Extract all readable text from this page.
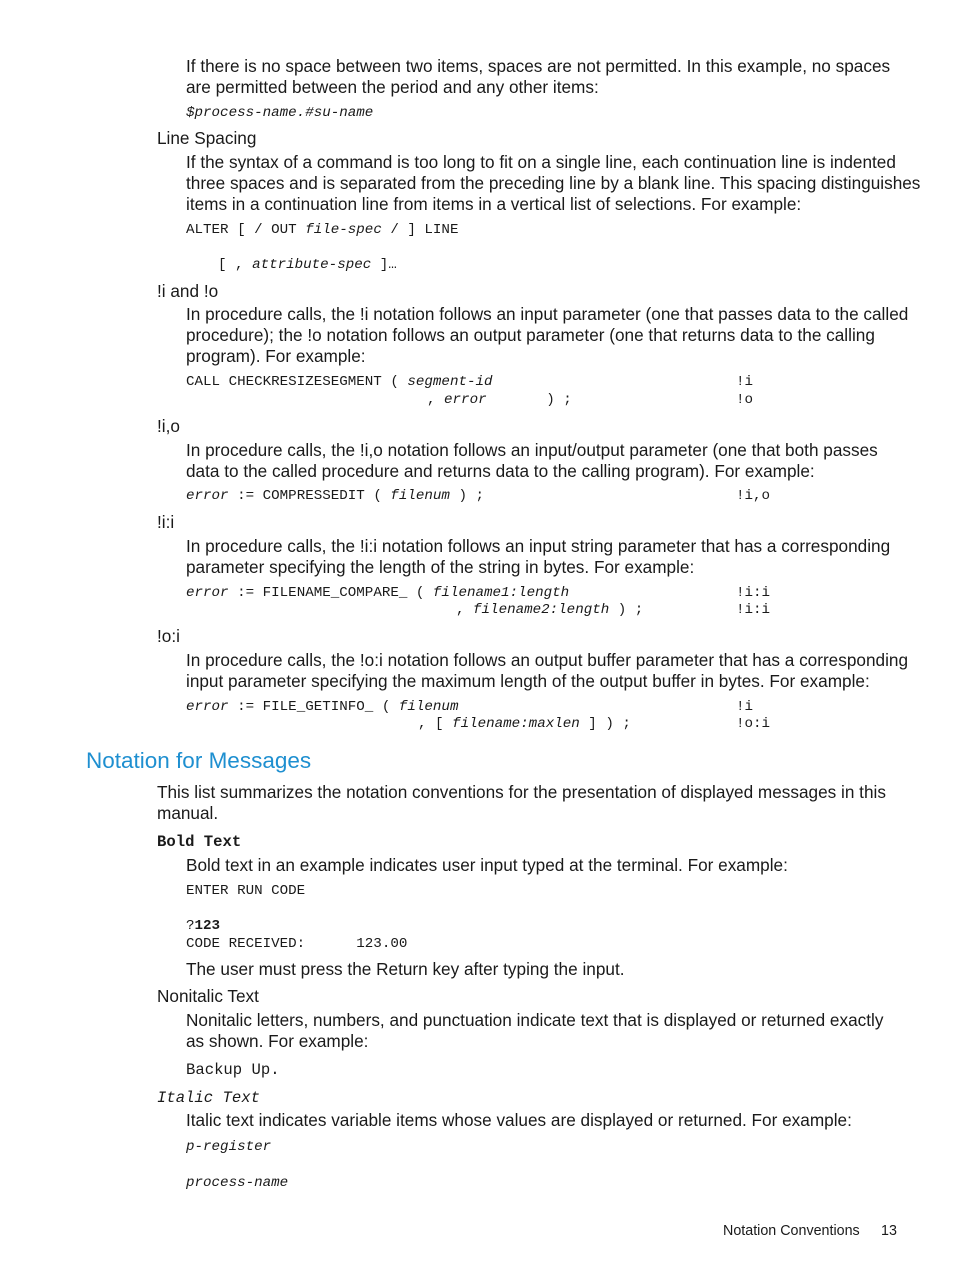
If there is no space between two items, spaces are not permitted. In this example, no spaces
are permitted between the period and any other items:
$process-name.#su-name
Line Spacing
If the syntax of a command is too long to fit on a single line, each continuation line is indented
three spaces and is separated from the preceding line by a blank line. This spacing distinguishes
items in a continuation line from items in a vertical list of selections. For example:
ALTER [ / OUT file-spec / ] LINE
[ , attribute-spec ]…
!i and !o
In procedure calls, the !i notation follows an input parameter (one that passes data to the called
procedure); the !o notation follows an output parameter (one that returns data to the calling
program). For example:
CALL CHECKRESIZESEGMENT ( segment-id	!i
, error       ) ;	!o
!i,o
In procedure calls, the !i,o notation follows an input/output parameter (one that both passes
data to the called procedure and returns data to the calling program). For example:
error := COMPRESSEDIT ( filenum ) ;	!i,o
!i:i
In procedure calls, the !i:i notation follows an input string parameter that has a corresponding
parameter specifying the length of the string in bytes. For example:
error := FILENAME_COMPARE_ ( filename1:length	!i:i
, filename2:length ) ;	!i:i
!o:i
In procedure calls, the !o:i notation follows an output buffer parameter that has a corresponding
input parameter specifying the maximum length of the output buffer in bytes. For example:
error := FILE_GETINFO_ ( filenum	!i
, [ filename:maxlen ] ) ;	!o:i
Notation for Messages
This list summarizes the notation conventions for the presentation of displayed messages in this
manual.
Bold Text
Bold text in an example indicates user input typed at the terminal. For example:
ENTER RUN CODE
?123
CODE RECEIVED:      123.00
The user must press the Return key after typing the input.
Nonitalic Text
Nonitalic letters, numbers, and punctuation indicate text that is displayed or returned exactly
as shown. For example:
Backup Up.
Italic Text
Italic text indicates variable items whose values are displayed or returned. For example:
p-register
process-name
Notation Conventions 13
